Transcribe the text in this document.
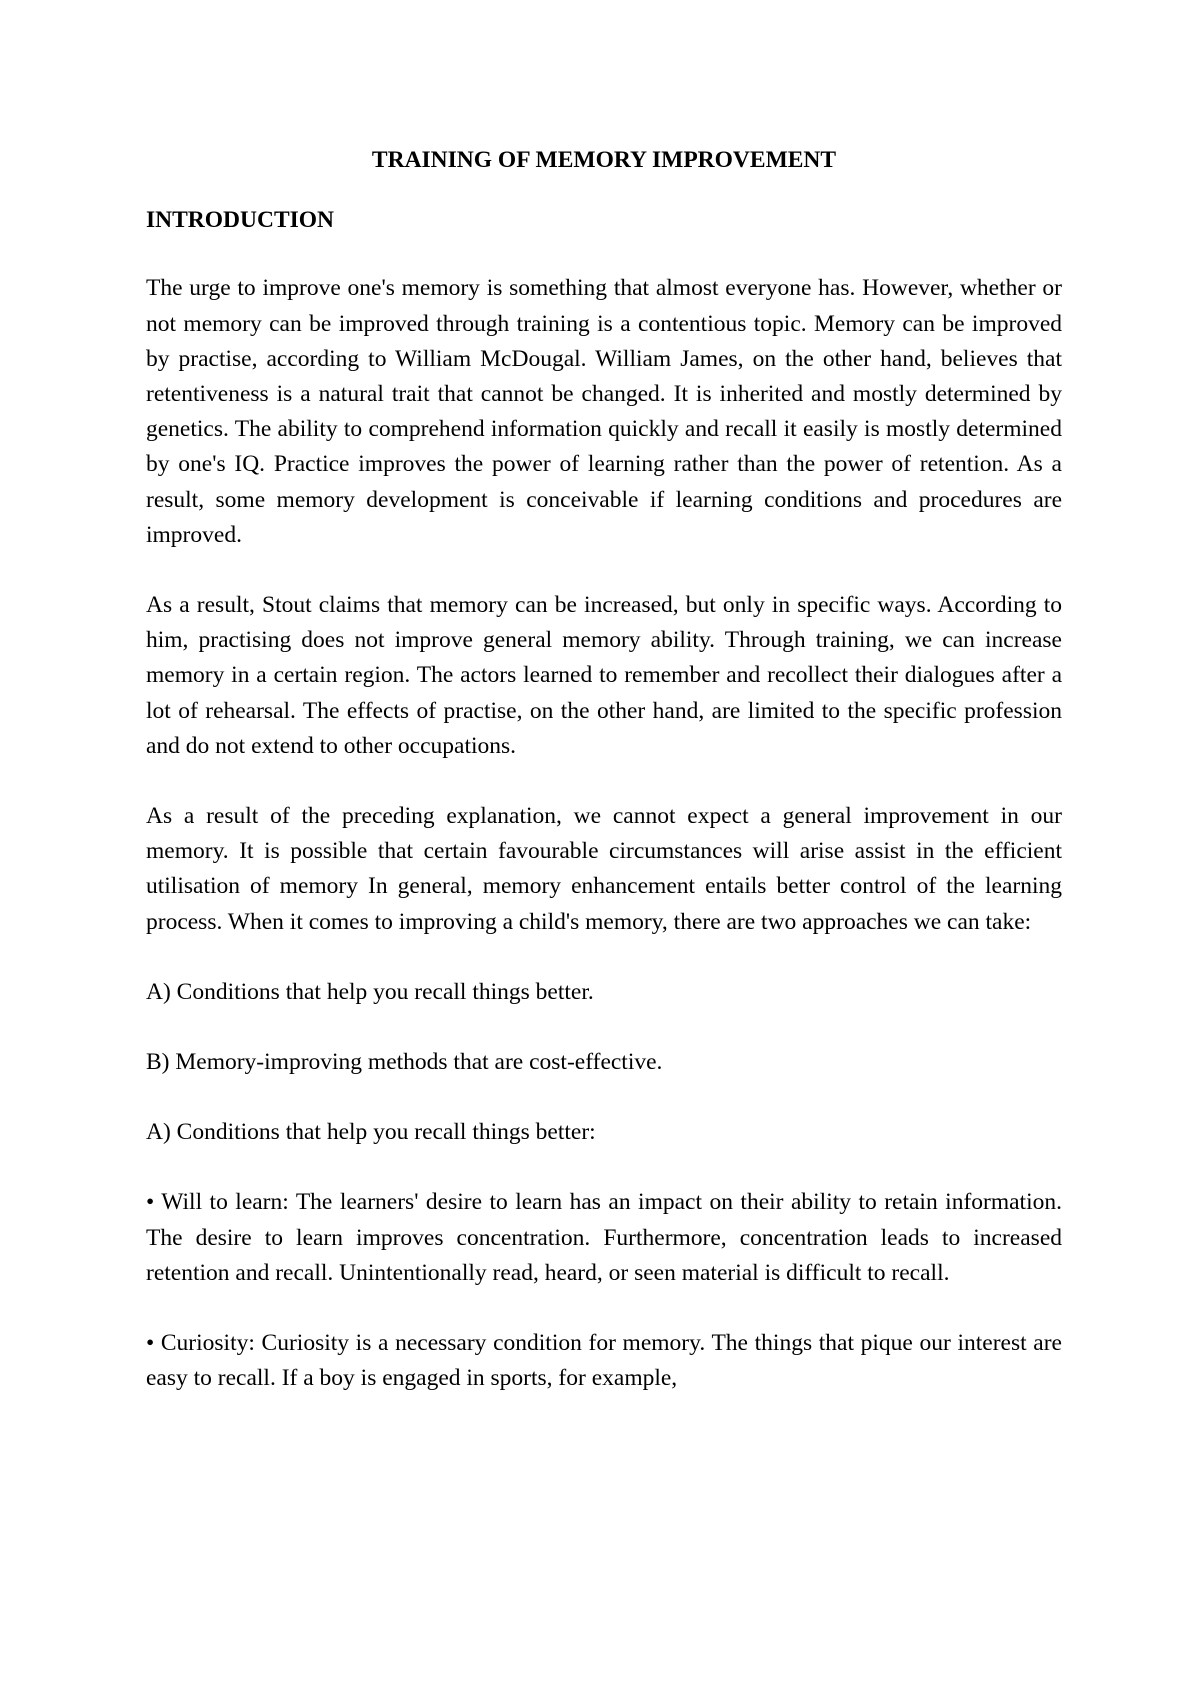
TRAINING OF MEMORY IMPROVEMENT

INTRODUCTION

The urge to improve one's memory is something that almost everyone has. However, whether or not memory can be improved through training is a contentious topic. Memory can be improved by practise, according to William McDougal. William James, on the other hand, believes that retentiveness is a natural trait that cannot be changed. It is inherited and mostly determined by genetics. The ability to comprehend information quickly and recall it easily is mostly determined by one's IQ. Practice improves the power of learning rather than the power of retention. As a result, some memory development is conceivable if learning conditions and procedures are improved.

As a result, Stout claims that memory can be increased, but only in specific ways. According to him, practising does not improve general memory ability. Through training, we can increase memory in a certain region. The actors learned to remember and recollect their dialogues after a lot of rehearsal. The effects of practise, on the other hand, are limited to the specific profession and do not extend to other occupations.

As a result of the preceding explanation, we cannot expect a general improvement in our memory. It is possible that certain favourable circumstances will arise assist in the efficient utilisation of memory In general, memory enhancement entails better control of the learning process. When it comes to improving a child's memory, there are two approaches we can take:

A) Conditions that help you recall things better.

B) Memory-improving methods that are cost-effective.

A) Conditions that help you recall things better:

• Will to learn: The learners' desire to learn has an impact on their ability to retain information. The desire to learn improves concentration. Furthermore, concentration leads to increased retention and recall. Unintentionally read, heard, or seen material is difficult to recall.

• Curiosity: Curiosity is a necessary condition for memory. The things that pique our interest are easy to recall. If a boy is engaged in sports, for example,
